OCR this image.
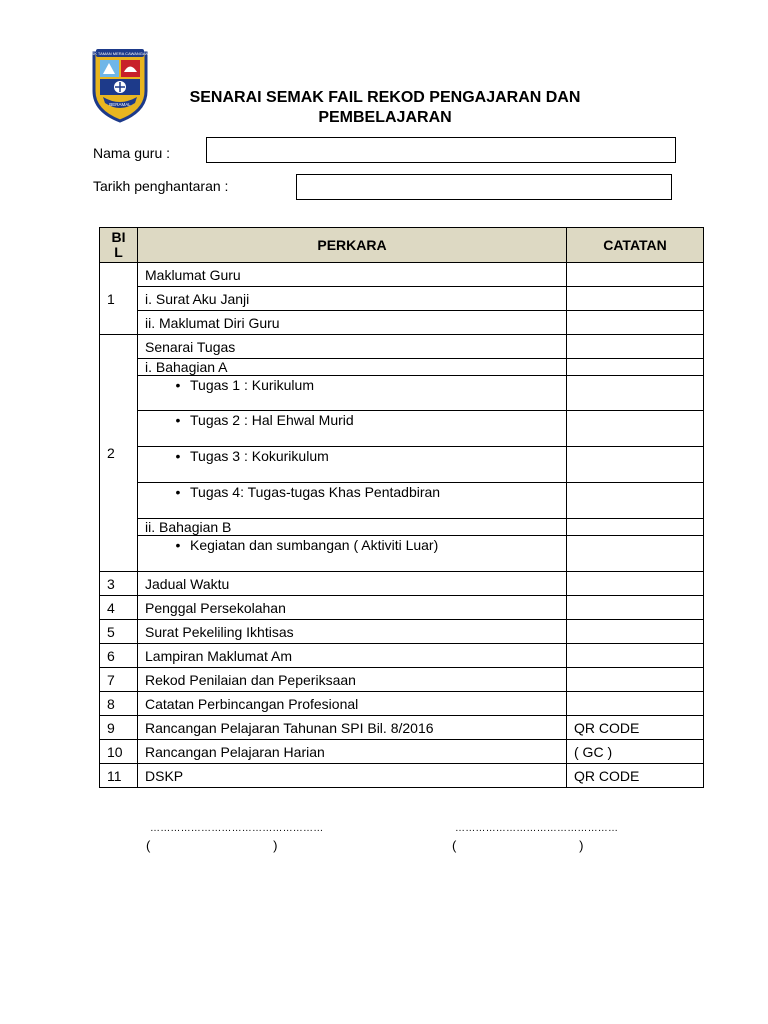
SK TAMAN MERA CAWANGAN
BERAMAL	SENARAI SEMAK FAIL REKOD PENGAJARAN DAN
PEMBELAJARAN
Nama guru :
Tarikh penghantaran :
BI
L	PERKARA	CATATAN
1	Maklumat Guru	
	i. Surat Aku Janji	
	ii. Maklumat Diri Guru	
2	Senarai Tugas	
	i. Bahagian A	
	• Tugas 1 : Kurikulum	
	• Tugas 2 : Hal Ehwal Murid	
	• Tugas 3 : Kokurikulum	
	• Tugas 4: Tugas-tugas Khas Pentadbiran	
	ii. Bahagian B	
	• Kegiatan dan sumbangan ( Aktiviti Luar)	
3	Jadual Waktu	
4	Penggal Persekolahan	
5	Surat Pekeliling Ikhtisas	
6	Lampiran Maklumat Am	
7	Rekod Penilaian dan Peperiksaan	
8	Catatan Perbincangan Profesional	
9	Rancangan Pelajaran Tahunan SPI Bil. 8/2016	QR CODE
10	Rancangan Pelajaran Harian	( GC )
11	DSKP	QR CODE
……………………………………………
(                                  )
…………………………………………
(                                  )
